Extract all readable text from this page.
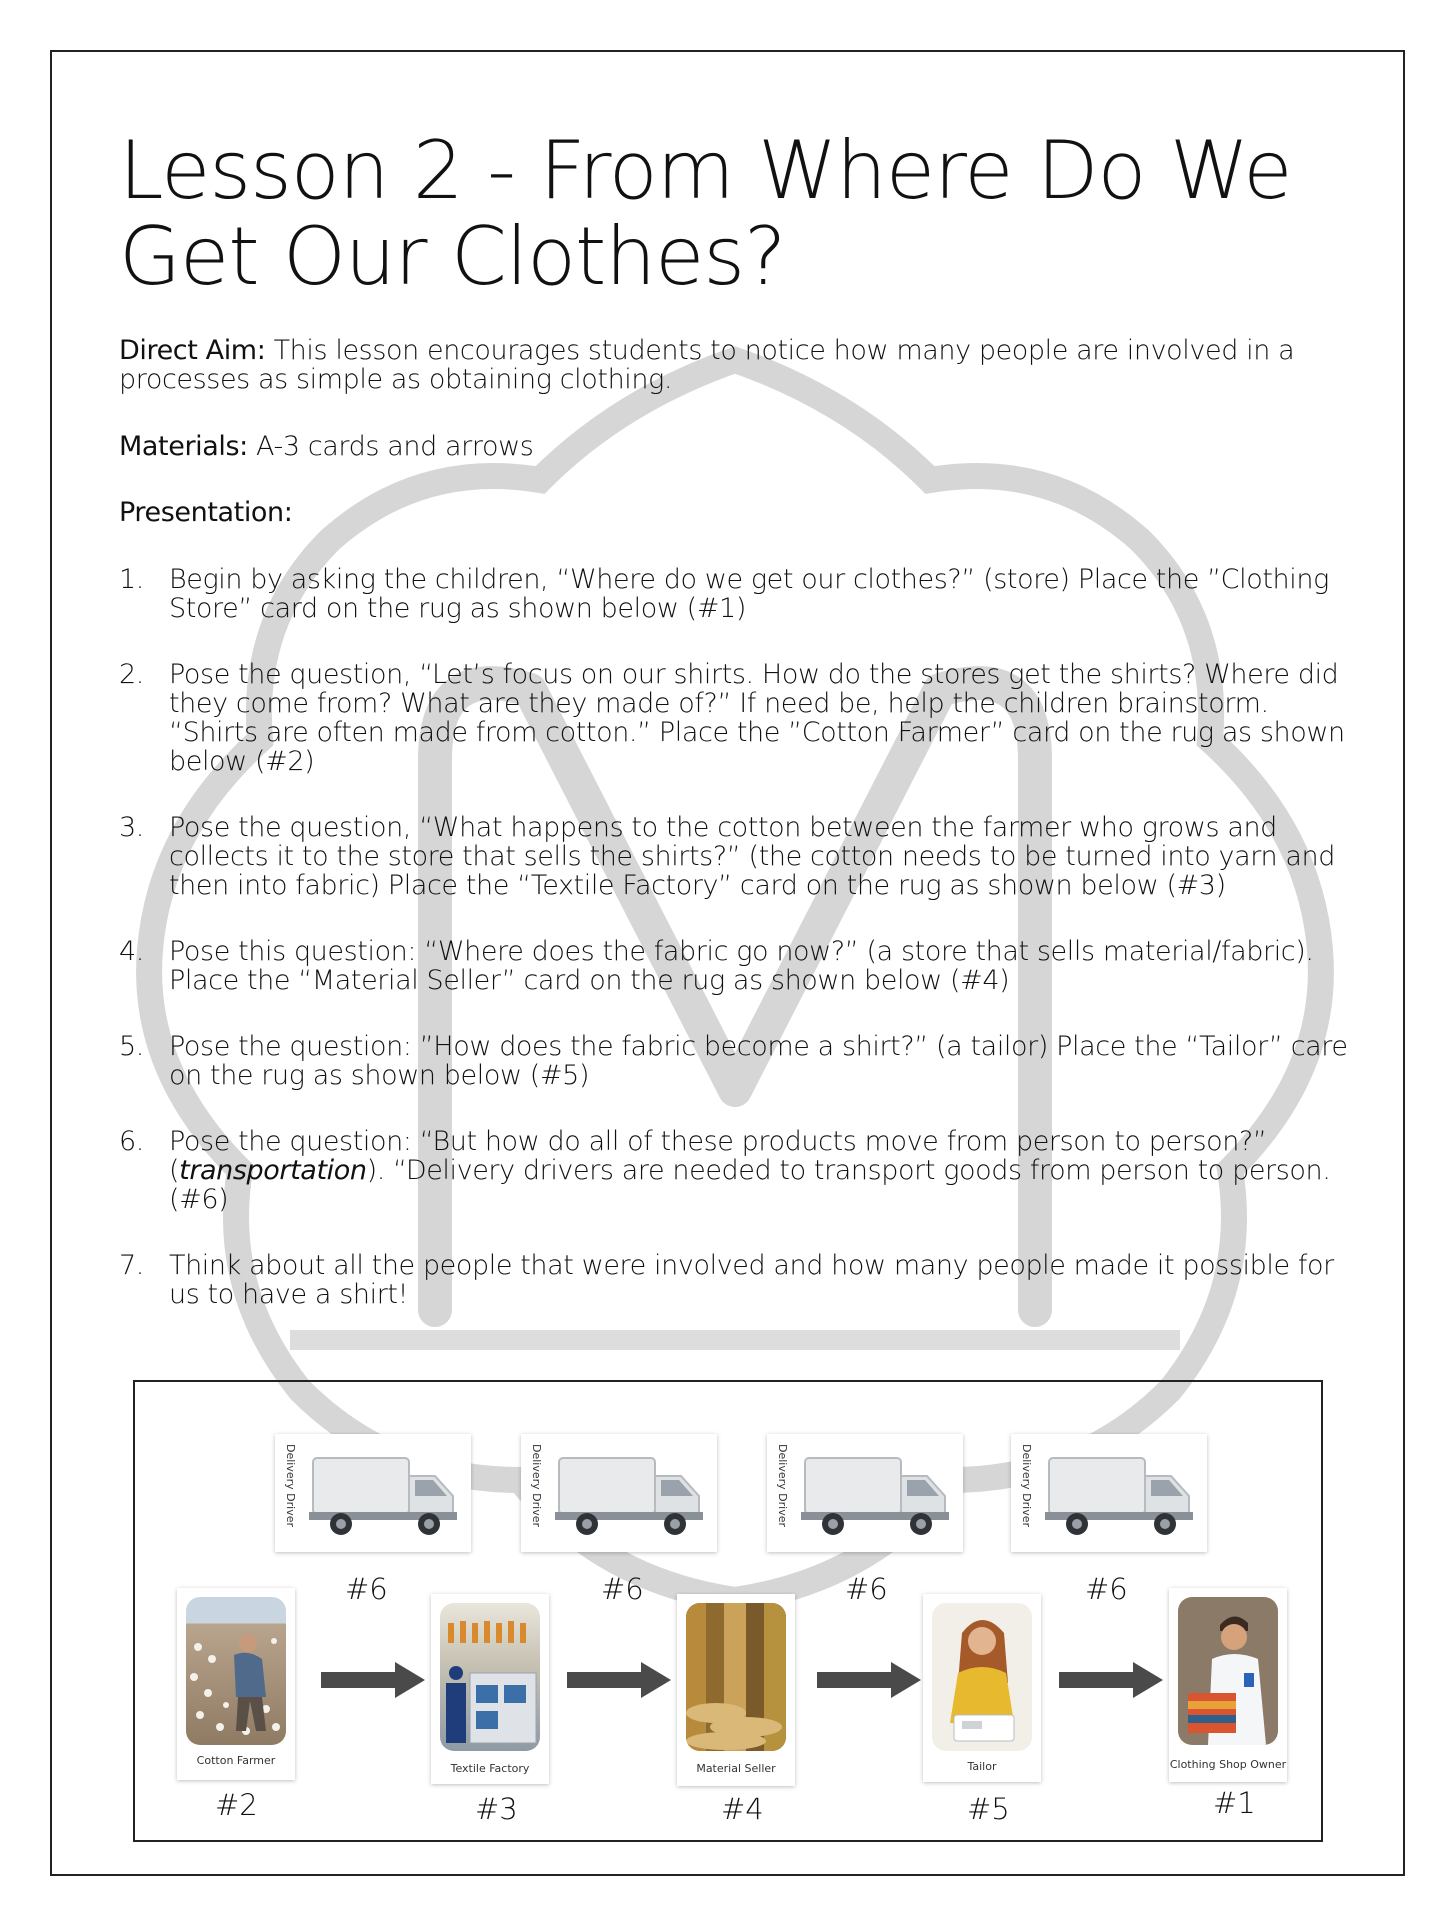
Lesson 2 - From Where Do We
Get Our Clothes?

Direct Aim: This lesson encourages students to notice how many people are involved in a processes as simple as obtaining clothing.

Materials: A-3 cards and arrows

Presentation:

1. Begin by asking the children, “Where do we get our clothes?” (store) Place the ”Clothing Store” card on the rug as shown below (#1)
2. Pose the question, “Let’s focus on our shirts. How do the stores get the shirts? Where did they come from? What are they made of?” If need be, help the children brainstorm. “Shirts are often made from cotton.” Place the ”Cotton Farmer” card on the rug as shown below (#2)
3. Pose the question, “What happens to the cotton between the farmer who grows and collects it to the store that sells the shirts?” (the cotton needs to be turned into yarn and then into fabric) Place the “Textile Factory” card on the rug as shown below (#3)
4. Pose this question: “Where does the fabric go now?” (a store that sells material/fabric). Place the “Material Seller” card on the rug as shown below (#4)
5. Pose the question: ”How does the fabric become a shirt?” (a tailor) Place the “Tailor” care on the rug as shown below (#5)
6. Pose the question: “But how do all of these products move from person to person?” (transportation). “Delivery drivers are needed to transport goods from person to person. (#6)
7. Think about all the people that were involved and how many people made it possible for us to have a shirt!
Delivery Driver	Delivery Driver	Delivery Driver	Delivery Driver
#6	#6	#6	#6
Cotton Farmer
Textile Factory	Material Seller	Tailor	Clothing Shop Owner
#2	#3	#4	#5	#1
